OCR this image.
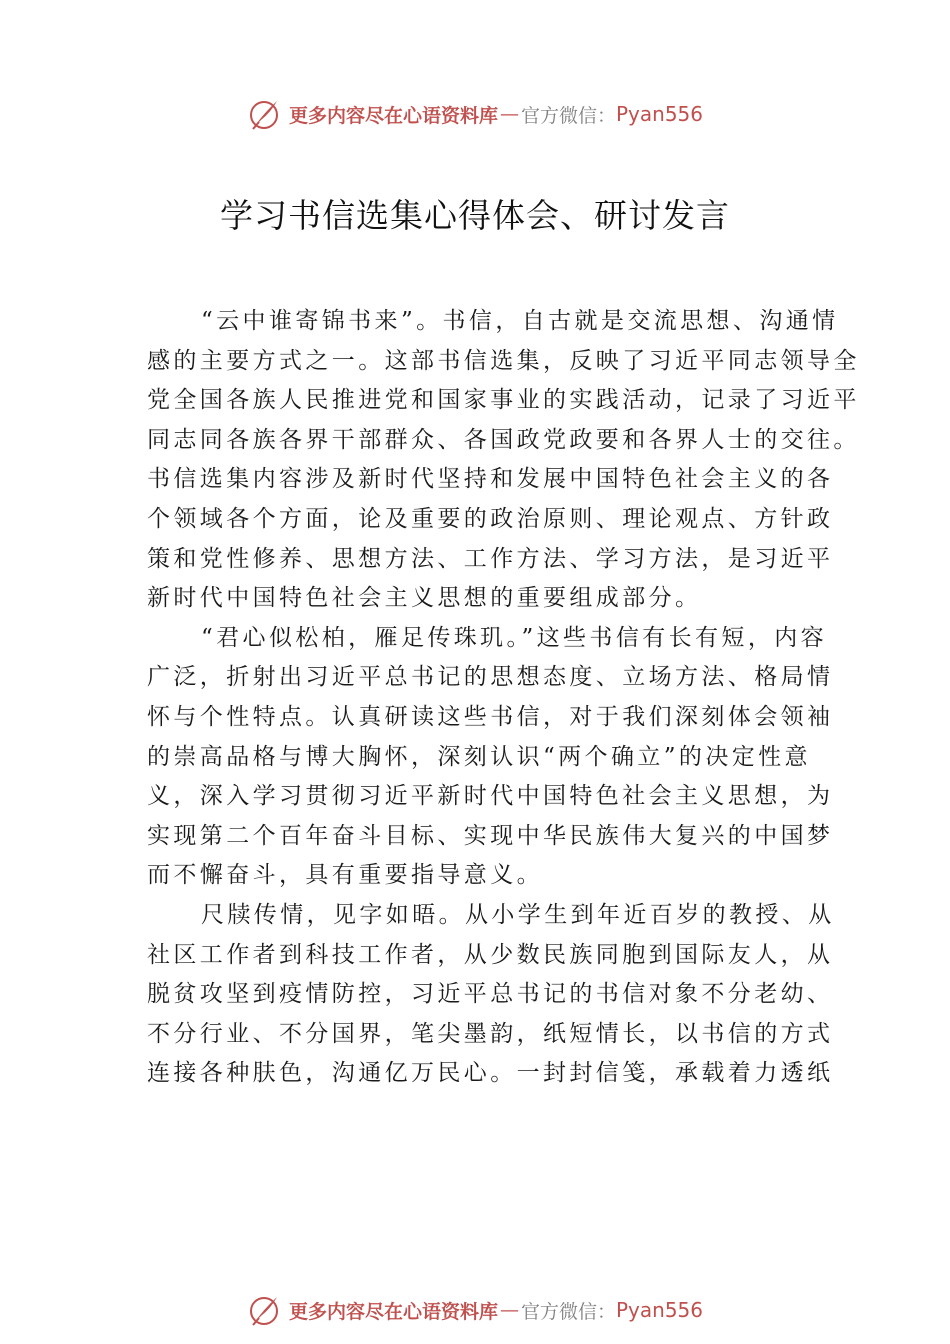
更多内容尽在心语资料库 — 官方微信： Pyan556
学习书信选集心得体会、研讨发言
“云中谁寄锦书来”。书信，自古就是交流思想、沟通情
感的主要方式之一。这部书信选集，反映了习近平同志领导全
党全国各族人民推进党和国家事业的实践活动，记录了习近平
同志同各族各界干部群众、各国政党政要和各界人士的交往。
书信选集内容涉及新时代坚持和发展中国特色社会主义的各
个领域各个方面，论及重要的政治原则、理论观点、方针政
策和党性修养、思想方法、工作方法、学习方法，是习近平
新时代中国特色社会主义思想的重要组成部分。
“君心似松柏，雁足传珠玑。”这些书信有长有短，内容
广泛，折射出习近平总书记的思想态度、立场方法、格局情
怀与个性特点。认真研读这些书信，对于我们深刻体会领袖
的崇高品格与博大胸怀，深刻认识“两个确立”的决定性意
义，深入学习贯彻习近平新时代中国特色社会主义思想，为
实现第二个百年奋斗目标、实现中华民族伟大复兴的中国梦
而不懈奋斗，具有重要指导意义。
尺牍传情，见字如晤。从小学生到年近百岁的教授、从
社区工作者到科技工作者，从少数民族同胞到国际友人，从
脱贫攻坚到疫情防控，习近平总书记的书信对象不分老幼、
不分行业、不分国界，笔尖墨韵，纸短情长，以书信的方式
连接各种肤色，沟通亿万民心。一封封信笺，承载着力透纸
更多内容尽在心语资料库 — 官方微信： Pyan556
